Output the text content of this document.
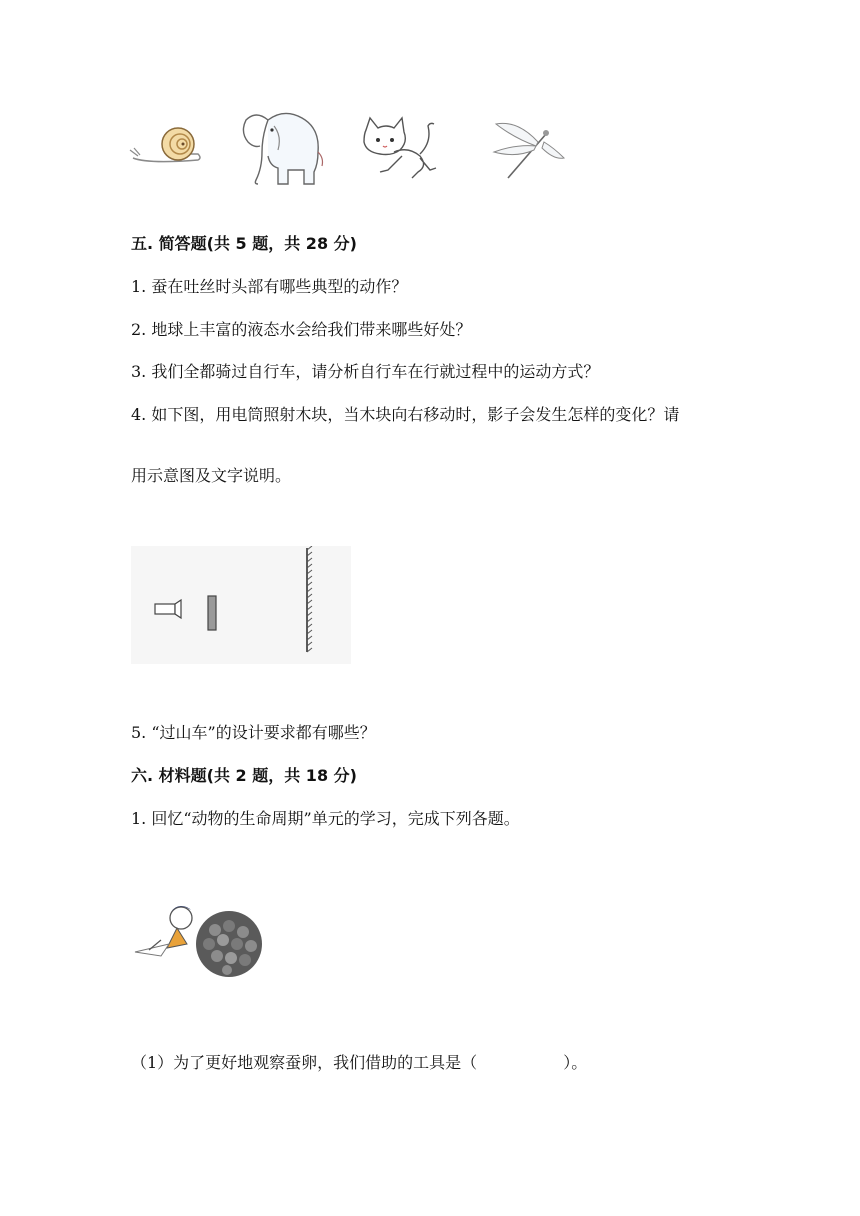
五. 简答题(共 5 题，共 28 分)
1. 蚕在吐丝时头部有哪些典型的动作？
2. 地球上丰富的液态水会给我们带来哪些好处？
3. 我们全都骑过自行车，请分析自行车在行就过程中的运动方式？
4. 如下图，用电筒照射木块，当木块向右移动时，影子会发生怎样的变化？请
用示意图及文字说明。
5. “过山车”的设计要求都有哪些？
六. 材料题(共 2 题，共 18 分)
1. 回忆“动物的生命周期”单元的学习，完成下列各题。
（1）为了更好地观察蚕卵，我们借助的工具是（	）。
